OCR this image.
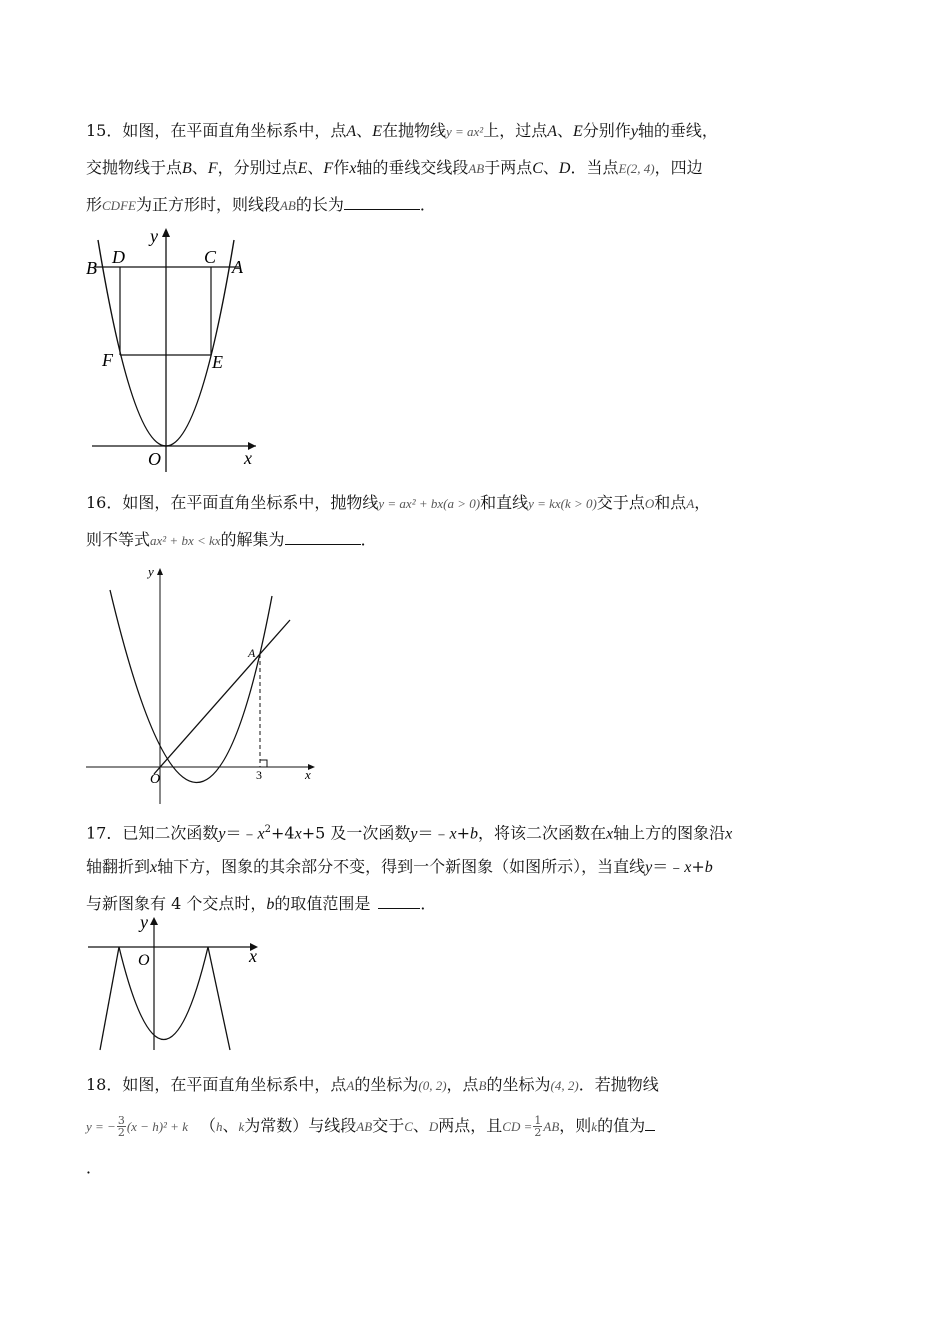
15．如图，在平面直角坐标系中，点A、E在抛物线y = ax²上，过点A、E分别作y轴的垂线，
交抛物线于点B、F，分别过点E、F作x轴的垂线交线段AB于两点C、D．当点E(2, 4)，四边
形CDFE为正方形时，则线段AB的长为	．
y
x
O
B
D	C A
F	E
16．如图，在平面直角坐标系中，抛物线y = ax² + bx(a > 0)和直线y = kx(k > 0)交于点O和点A，
则不等式ax² + bx < kx的解集为	．
y
x
O
A
3
17．已知二次函数$y=﹣x^2+4x+5$ 及一次函数y＝﹣x+b，将该二次函数在x轴上方的图象沿x
轴翻折到x轴下方，图象的其余部分不变，得到一个新图象（如图所示），当直线y＝﹣x+b
与新图象有 4 个交点时，b的取值范围是	．
y
x
O
18．如图，在平面直角坐标系中，点A的坐标为(0, 2)，点B的坐标为(4, 2)．若抛物线
y = − $\frac{3}{2} (x - h)^2 + k$ （h、k为常数）与线段AB交于C、D两点，且CD = $\frac{1}{2}$ AB，则k的值为
．
